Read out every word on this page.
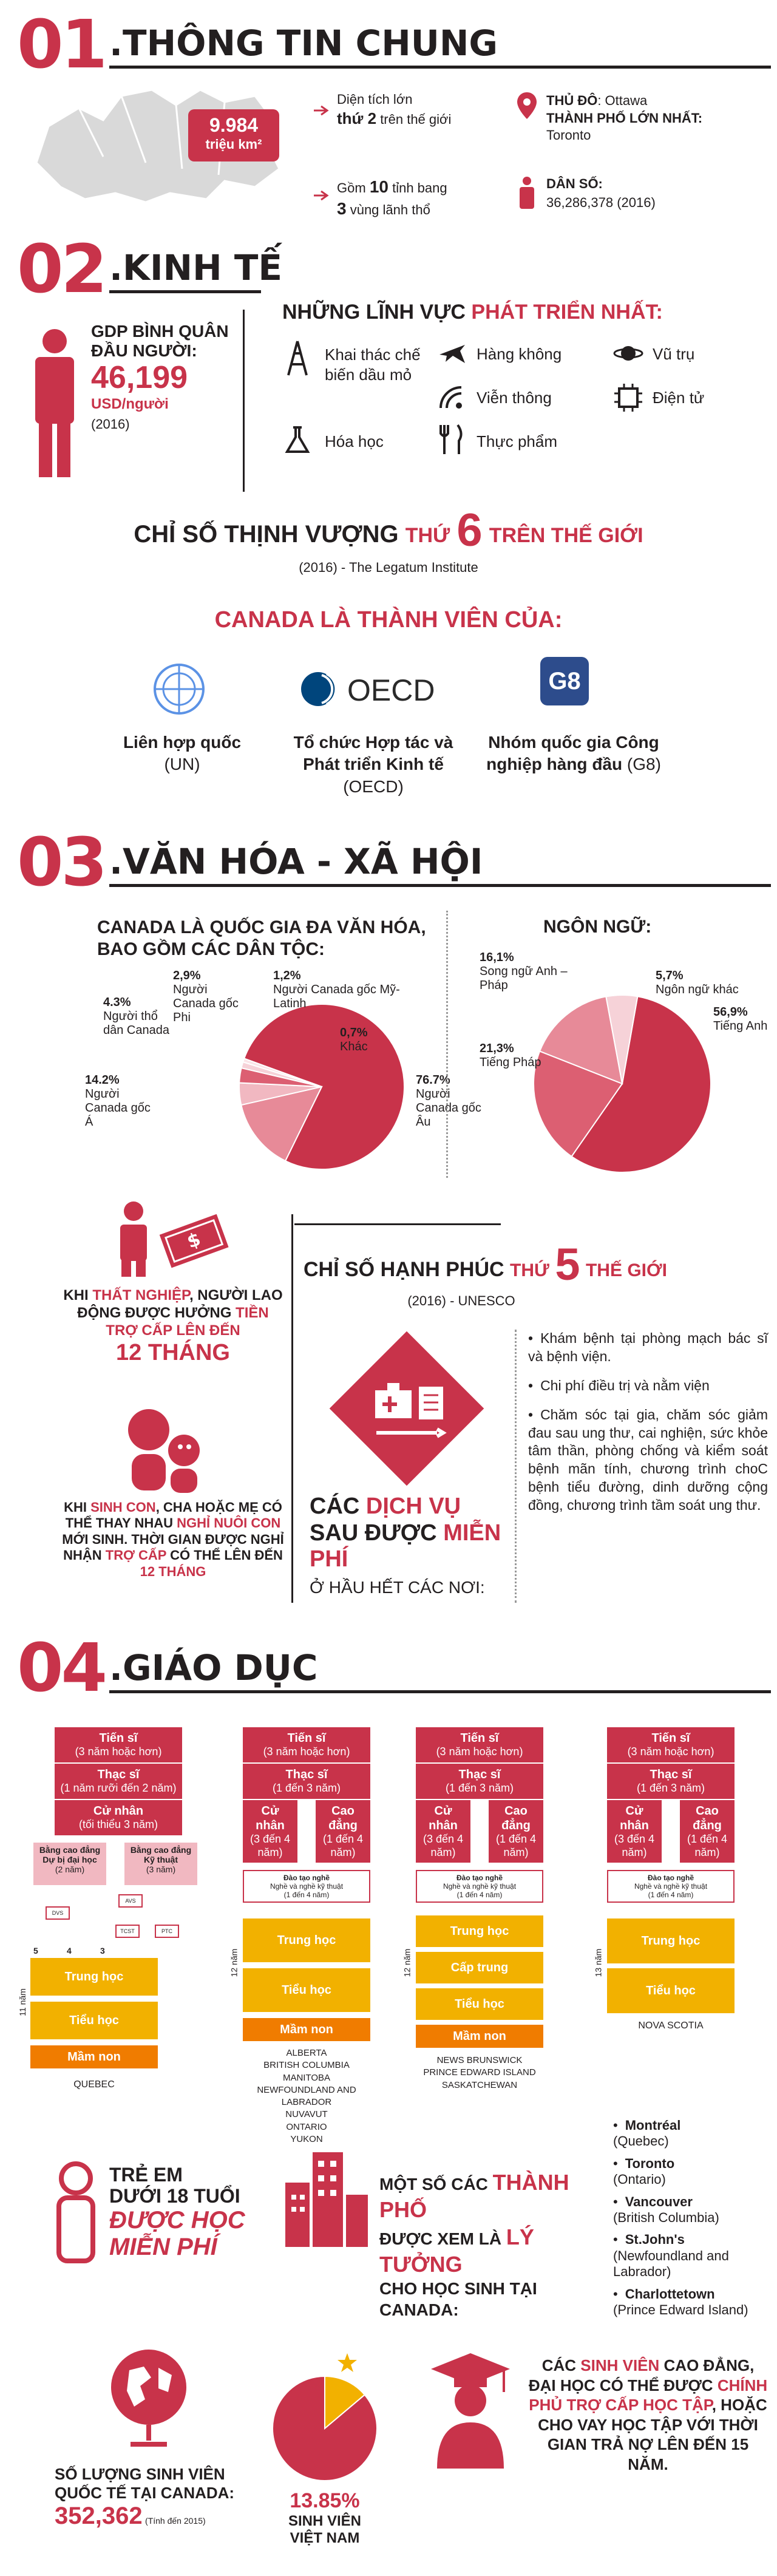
01 .THÔNG TIN CHUNG
9.984
triệu km²
Diện tích lớn
thứ 2 trên thế giới
Gồm 10 tỉnh bang
3 vùng lãnh thổ
THỦ ĐÔ: Ottawa
THÀNH PHỐ LỚN NHẤT:
Toronto
DÂN SỐ:
36,286,378 (2016)
02 .KINH TẾ
GDP BÌNH QUÂN ĐẦU NGƯỜI:
46,199
USD/người
(2016)
NHỮNG LĨNH VỰC PHÁT TRIỂN NHẤT:
Khai thác chế biến dầu mỏ
Hàng không	Vũ trụ
Viễn thông	Điện tử
Hóa học	Thực phẩm
CHỈ SỐ THỊNH VƯỢNG THỨ 6 TRÊN THẾ GIỚI
(2016) - The Legatum Institute
CANADA LÀ THÀNH VIÊN CỦA:
OECD	G8
Liên hợp quốc
(UN)
Tổ chức Hợp tác và Phát triển Kinh tế
(OECD)
Nhóm quốc gia Công nghiệp hàng đầu (G8)
03 .VĂN HÓA - XÃ HỘI
CANADA LÀ QUỐC GIA ĐA VĂN HÓA, BAO GỒM CÁC DÂN TỘC:
4.3%
Người thổ dân Canada
2,9%
Người Canada gốc Phi
1,2%
Người Canada gốc Mỹ-Latinh
0,7%
Khác
14.2%
Người Canada gốc Á
76.7%
Người Canada gốc Âu
NGÔN NGỮ:
16,1%
Song ngữ Anh – Pháp
5,7%
Ngôn ngữ khác
56,9%
Tiếng Anh
21,3%
Tiếng Pháp
$
KHI THẤT NGHIỆP, NGƯỜI LAO ĐỘNG ĐƯỢC HƯỞNG TIỀN TRỢ CẤP LÊN ĐẾN
12 THÁNG
KHI SINH CON, CHA HOẶC MẸ CÓ THỂ THAY NHAU NGHỈ NUÔI CON MỚI SINH. THỜI GIAN ĐƯỢC NGHỈ NHẬN TRỢ CẤP CÓ THỂ LÊN ĐẾN 12 THÁNG
CHỈ SỐ HẠNH PHÚC THỨ 5 THẾ GIỚI
(2016) - UNESCO
CÁC DỊCH VỤ SAU ĐƯỢC MIỄN PHÍ
Ở HẦU HẾT CÁC NƠI:
• Khám bệnh tại phòng mạch bác sĩ và bệnh viện.
• Chi phí điều trị và nằm viện
• Chăm sóc tại gia, chăm sóc giảm đau sau ung thư, cai nghiện, sức khỏe tâm thần, phòng chống và kiểm soát bệnh mãn tính, chương trình choC bệnh tiểu đường, dinh dưỡng cộng đồng, chương trình tầm soát ung thư.
04 .GIÁO DỤC
Tiến sĩ
(3 năm hoặc hơn)
Thạc sĩ
(1 năm rưỡi đến 2 năm)
Cử nhân
(tối thiểu 3 năm)
Bằng cao đẳng Dự bị đại học
(2 năm)
Bằng cao đẳng Kỹ thuật
(3 năm)
DVS
AVS
TCST	PTC
5	4	3
Trung học
Tiểu học
Mầm non
11 năm
QUEBEC
Tiến sĩ
(3 năm hoặc hơn)
Thạc sĩ
(1 đến 3 năm)
Cử nhân
(3 đến 4 năm)
Cao đẳng
(1 đến 4 năm)
Đào tạo nghề
Nghề và nghề kỹ thuật
(1 đến 4 năm)
Trung học
Tiểu học
Mầm non
12 năm
ALBERTA
BRITISH COLUMBIA
MANITOBA
NEWFOUNDLAND AND LABRADOR
NUVAVUT
ONTARIO
YUKON
Tiến sĩ
(3 năm hoặc hơn)
Thạc sĩ
(1 đến 3 năm)
Cử nhân
(3 đến 4 năm)
Cao đẳng
(1 đến 4 năm)
Đào tạo nghề
Nghề và nghề kỹ thuật
(1 đến 4 năm)
Trung học
Cấp trung
Tiểu học
Mầm non
12 năm
NEWS BRUNSWICK
PRINCE EDWARD ISLAND
SASKATCHEWAN
Tiến sĩ
(3 năm hoặc hơn)
Thạc sĩ
(1 đến 3 năm)
Cử nhân
(3 đến 4 năm)
Cao đẳng
(1 đến 4 năm)
Đào tạo nghề
Nghề và nghề kỹ thuật
(1 đến 4 năm)
Trung học
Tiểu học
13 năm
NOVA SCOTIA
• Montréal
(Quebec)
• Toronto
(Ontario)
• Vancouver
(British Columbia)
• St.John's
(Newfoundland and Labrador)
• Charlottetown
(Prince Edward Island)
TRẺ EM
DƯỚI 18 TUỔI
ĐƯỢC HỌC
MIỄN PHÍ
MỘT SỐ CÁC THÀNH PHỐ
ĐƯỢC XEM LÀ LÝ TƯỞNG
CHO HỌC SINH TẠI CANADA:
SỐ LƯỢNG SINH VIÊN QUỐC TẾ TẠI CANADA:
352,362 (Tính đến 2015)
13.85%
SINH VIÊN
VIỆT NAM
CÁC SINH VIÊN CAO ĐẲNG, ĐẠI HỌC CÓ THỂ ĐƯỢC CHÍNH PHỦ TRỢ CẤP HỌC TẬP, HOẶC CHO VAY HỌC TẬP VỚI THỜI GIAN TRẢ NỢ LÊN ĐẾN 15 NĂM.
